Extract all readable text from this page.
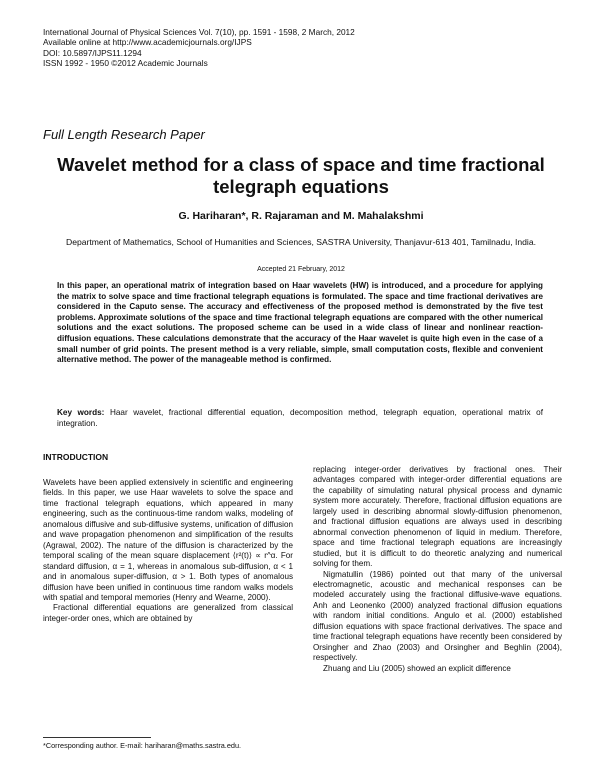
International Journal of Physical Sciences Vol. 7(10), pp. 1591 - 1598, 2 March, 2012
Available online at http://www.academicjournals.org/IJPS
DOI: 10.5897/IJPS11.1294
ISSN 1992 - 1950 ©2012 Academic Journals
Full Length Research Paper
Wavelet method for a class of space and time fractional telegraph equations
G. Hariharan*, R. Rajaraman and M. Mahalakshmi
Department of Mathematics, School of Humanities and Sciences, SASTRA University, Thanjavur-613 401, Tamilnadu, India.
Accepted 21 February, 2012

In this paper, an operational matrix of integration based on Haar wavelets (HW) is introduced, and a procedure for applying the matrix to solve space and time fractional telegraph equations is formulated. The space and time fractional derivatives are considered in the Caputo sense. The accuracy and effectiveness of the proposed method is demonstrated by the five test problems. Approximate solutions of the space and time fractional telegraph equations are compared with the other numerical solutions and the exact solutions. The proposed scheme can be used in a wide class of linear and nonlinear reaction-diffusion equations. These calculations demonstrate that the accuracy of the Haar wavelet is quite high even in the case of a small number of grid points. The present method is a very reliable, simple, small computation costs, flexible and convenient alternative method. The power of the manageable method is confirmed.

Key words: Haar wavelet, fractional differential equation, decomposition method, telegraph equation, operational matrix of integration.

INTRODUCTION

Wavelets have been applied extensively in scientific and engineering fields. In this paper, we use Haar wavelets to solve the space and time fractional telegraph equations, which appeared in many engineering, such as the continuous-time random walks, modeling of anomalous diffusive and sub-diffusive systems, unification of diffusion and wave propagation phenomenon and simplification of the results (Agrawal, 2002). The nature of the diffusion is characterized by the temporal scaling of the mean square displacement ⟨r²(t)⟩ ∝ r^α. For standard diffusion, α = 1, whereas in anomalous sub-diffusion, α < 1 and in anomalous super-diffusion, α > 1. Both types of anomalous diffusion have been unified in continuous time random walks models with spatial and temporal memories (Henry and Wearne, 2000).

Fractional differential equations are generalized from classical integer-order ones, which are obtained by

replacing integer-order derivatives by fractional ones. Their advantages compared with integer-order differential equations are the capability of simulating natural physical process and dynamic system more accurately. Therefore, fractional diffusion equations are largely used in describing abnormal slowly-diffusion phenomenon, and fractional diffusion equations are always used in describing abnormal convection phenomenon of liquid in medium. Therefore, space and time fractional telegraph equations are increasingly studied, but it is difficult to do theoretic analyzing and numerical solving for them.

Nigmatullin (1986) pointed out that many of the universal electromagnetic, acoustic and mechanical responses can be modeled accurately using the fractional diffusive-wave equations. Anh and Leonenko (2000) analyzed fractional diffusion equations with random initial conditions. Angulo et al. (2000) established diffusion equations with space fractional derivatives. The space and time fractional telegraph equations have recently been considered by Orsingher and Zhao (2003) and Orsingher and Beghlin (2004), respectively.

Zhuang and Liu (2005) showed an explicit difference

*Corresponding author. E-mail: hariharan@maths.sastra.edu.
